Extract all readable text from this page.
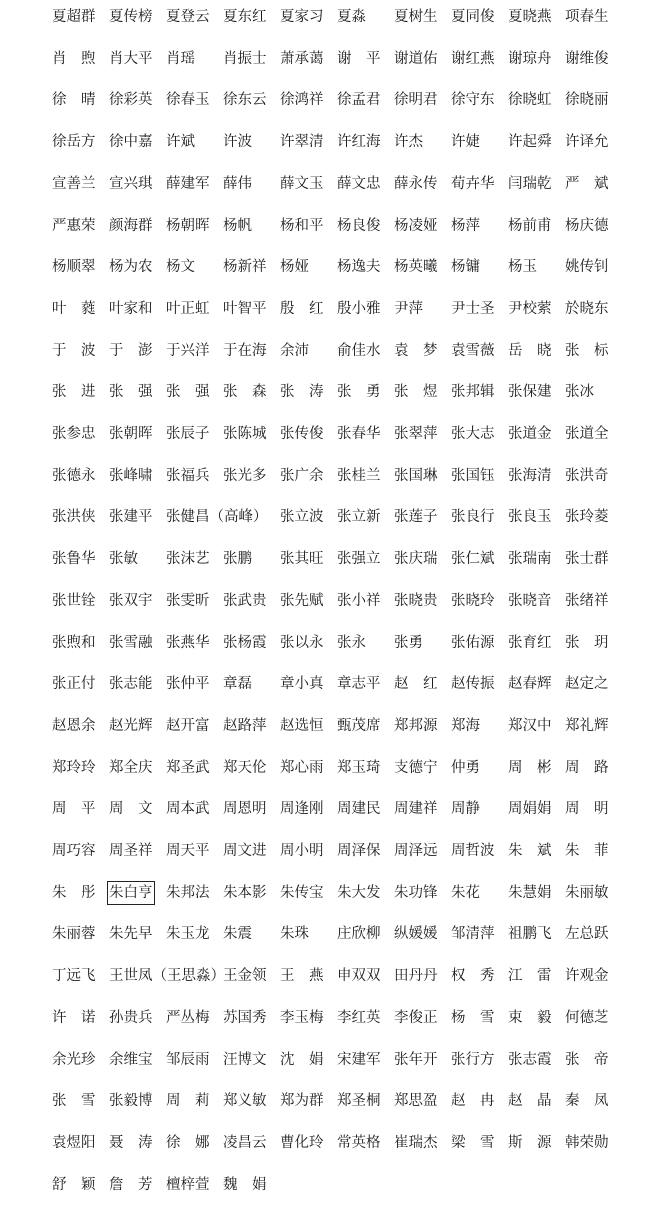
夏超群 夏传榜 夏登云 夏东红 夏家习 夏淼 夏树生 夏同俊 夏晓燕 项春生
肖　煦 肖大平 肖瑶 肖振士 萧承蔼 谢　平 谢道佑 谢红燕 谢琼舟 谢维俊
徐　晴 徐彩英 徐春玉 徐东云 徐鸿祥 徐孟君 徐明君 徐守东 徐晓虹 徐晓丽
徐岳方 徐中嘉 许斌 许波 许翠清 许红海 许杰 许婕 许起舜 许译允
宣善兰 宣兴琪 薛建军 薛伟 薛文玉 薛文忠 薛永传 荀卉华 闫瑞乾 严　斌
严惠荣 颜海群 杨朝晖 杨帆 杨和平 杨良俊 杨凌娅 杨萍 杨前甫 杨庆德
杨顺翠 杨为农 杨文 杨新祥 杨娅 杨逸夫 杨英曦 杨镛 杨玉 姚传钊
叶　蕤 叶家和 叶正虹 叶智平 殷　红 殷小雅 尹萍 尹士圣 尹校萦 於晓东
于　波 于　澎 于兴洋 于在海 余沛 俞佳水 袁　梦 袁雪薇 岳　晓 张　标
张　进 张　强 张　强 张　森 张　涛 张　勇 张　煜 张邦辑 张保建 张冰
张参忠 张朝晖 张辰子 张陈城 张传俊 张春华 张翠萍 张大志 张道金 张道全
张德永 张峰啸 张福兵 张光多 张广余 张桂兰 张国琳 张国钰 张海清 张洪奇
张洪侠 张建平 张健昌（高峰） 张立波 张立新 张莲子 张良行 张良玉 张玲菱
张鲁华 张敏 张沫艺 张鹏 张其旺 张强立 张庆瑞 张仁斌 张瑞南 张士群
张世铨 张双宇 张雯昕 张武贵 张先赋 张小祥 张晓贵 张晓玲 张晓音 张绪祥
张煦和 张雪融 张燕华 张杨霞 张以永 张永 张勇 张佑源 张育红 张　玥
张正付 张志能 张仲平 章磊 章小真 章志平 赵　红 赵传振 赵春辉 赵定之
赵恩余 赵光辉 赵开富 赵路萍 赵选恒 甄茂席 郑邦源 郑海 郑汉中 郑礼辉
郑玲玲 郑全庆 郑圣武 郑天伦 郑心雨 郑玉琦 支德宁 仲勇 周　彬 周　路
周　平 周　文 周本武 周恩明 周逢刚 周建民 周建祥 周静 周娟娟 周　明
周巧容 周圣祥 周天平 周文进 周小明 周泽保 周泽远 周哲波 朱　斌 朱　菲
朱　彤 朱白亨 朱邦法 朱本影 朱传宝 朱大发 朱功锋 朱花 朱慧娟 朱丽敏
朱丽蓉 朱先早 朱玉龙 朱震 朱珠 庄欣柳 纵媛媛 邹清萍 祖鹏飞 左总跃
丁远飞 王世凤（王思淼）
王金领 王　燕 申双双 田丹丹 权　秀 江　雷 许观金
许　诺 孙贵兵 严丛梅 苏国秀 李玉梅 李红英 李俊正 杨　雪 束　毅 何德芝
余光珍 余维宝 邹辰雨 汪博文 沈　娟 宋建军 张年开 张行方 张志霞 张　帝
张　雪 张毅博 周　莉 郑义敏 郑为群 郑圣桐 郑思盈 赵　冉 赵　晶 秦　凤
袁煜阳 聂　涛 徐　娜 凌昌云 曹化玲 常英格 崔瑞杰 梁　雪 斯　源 韩荣勋
舒　颖 詹　芳 檀梓萱 魏　娟
